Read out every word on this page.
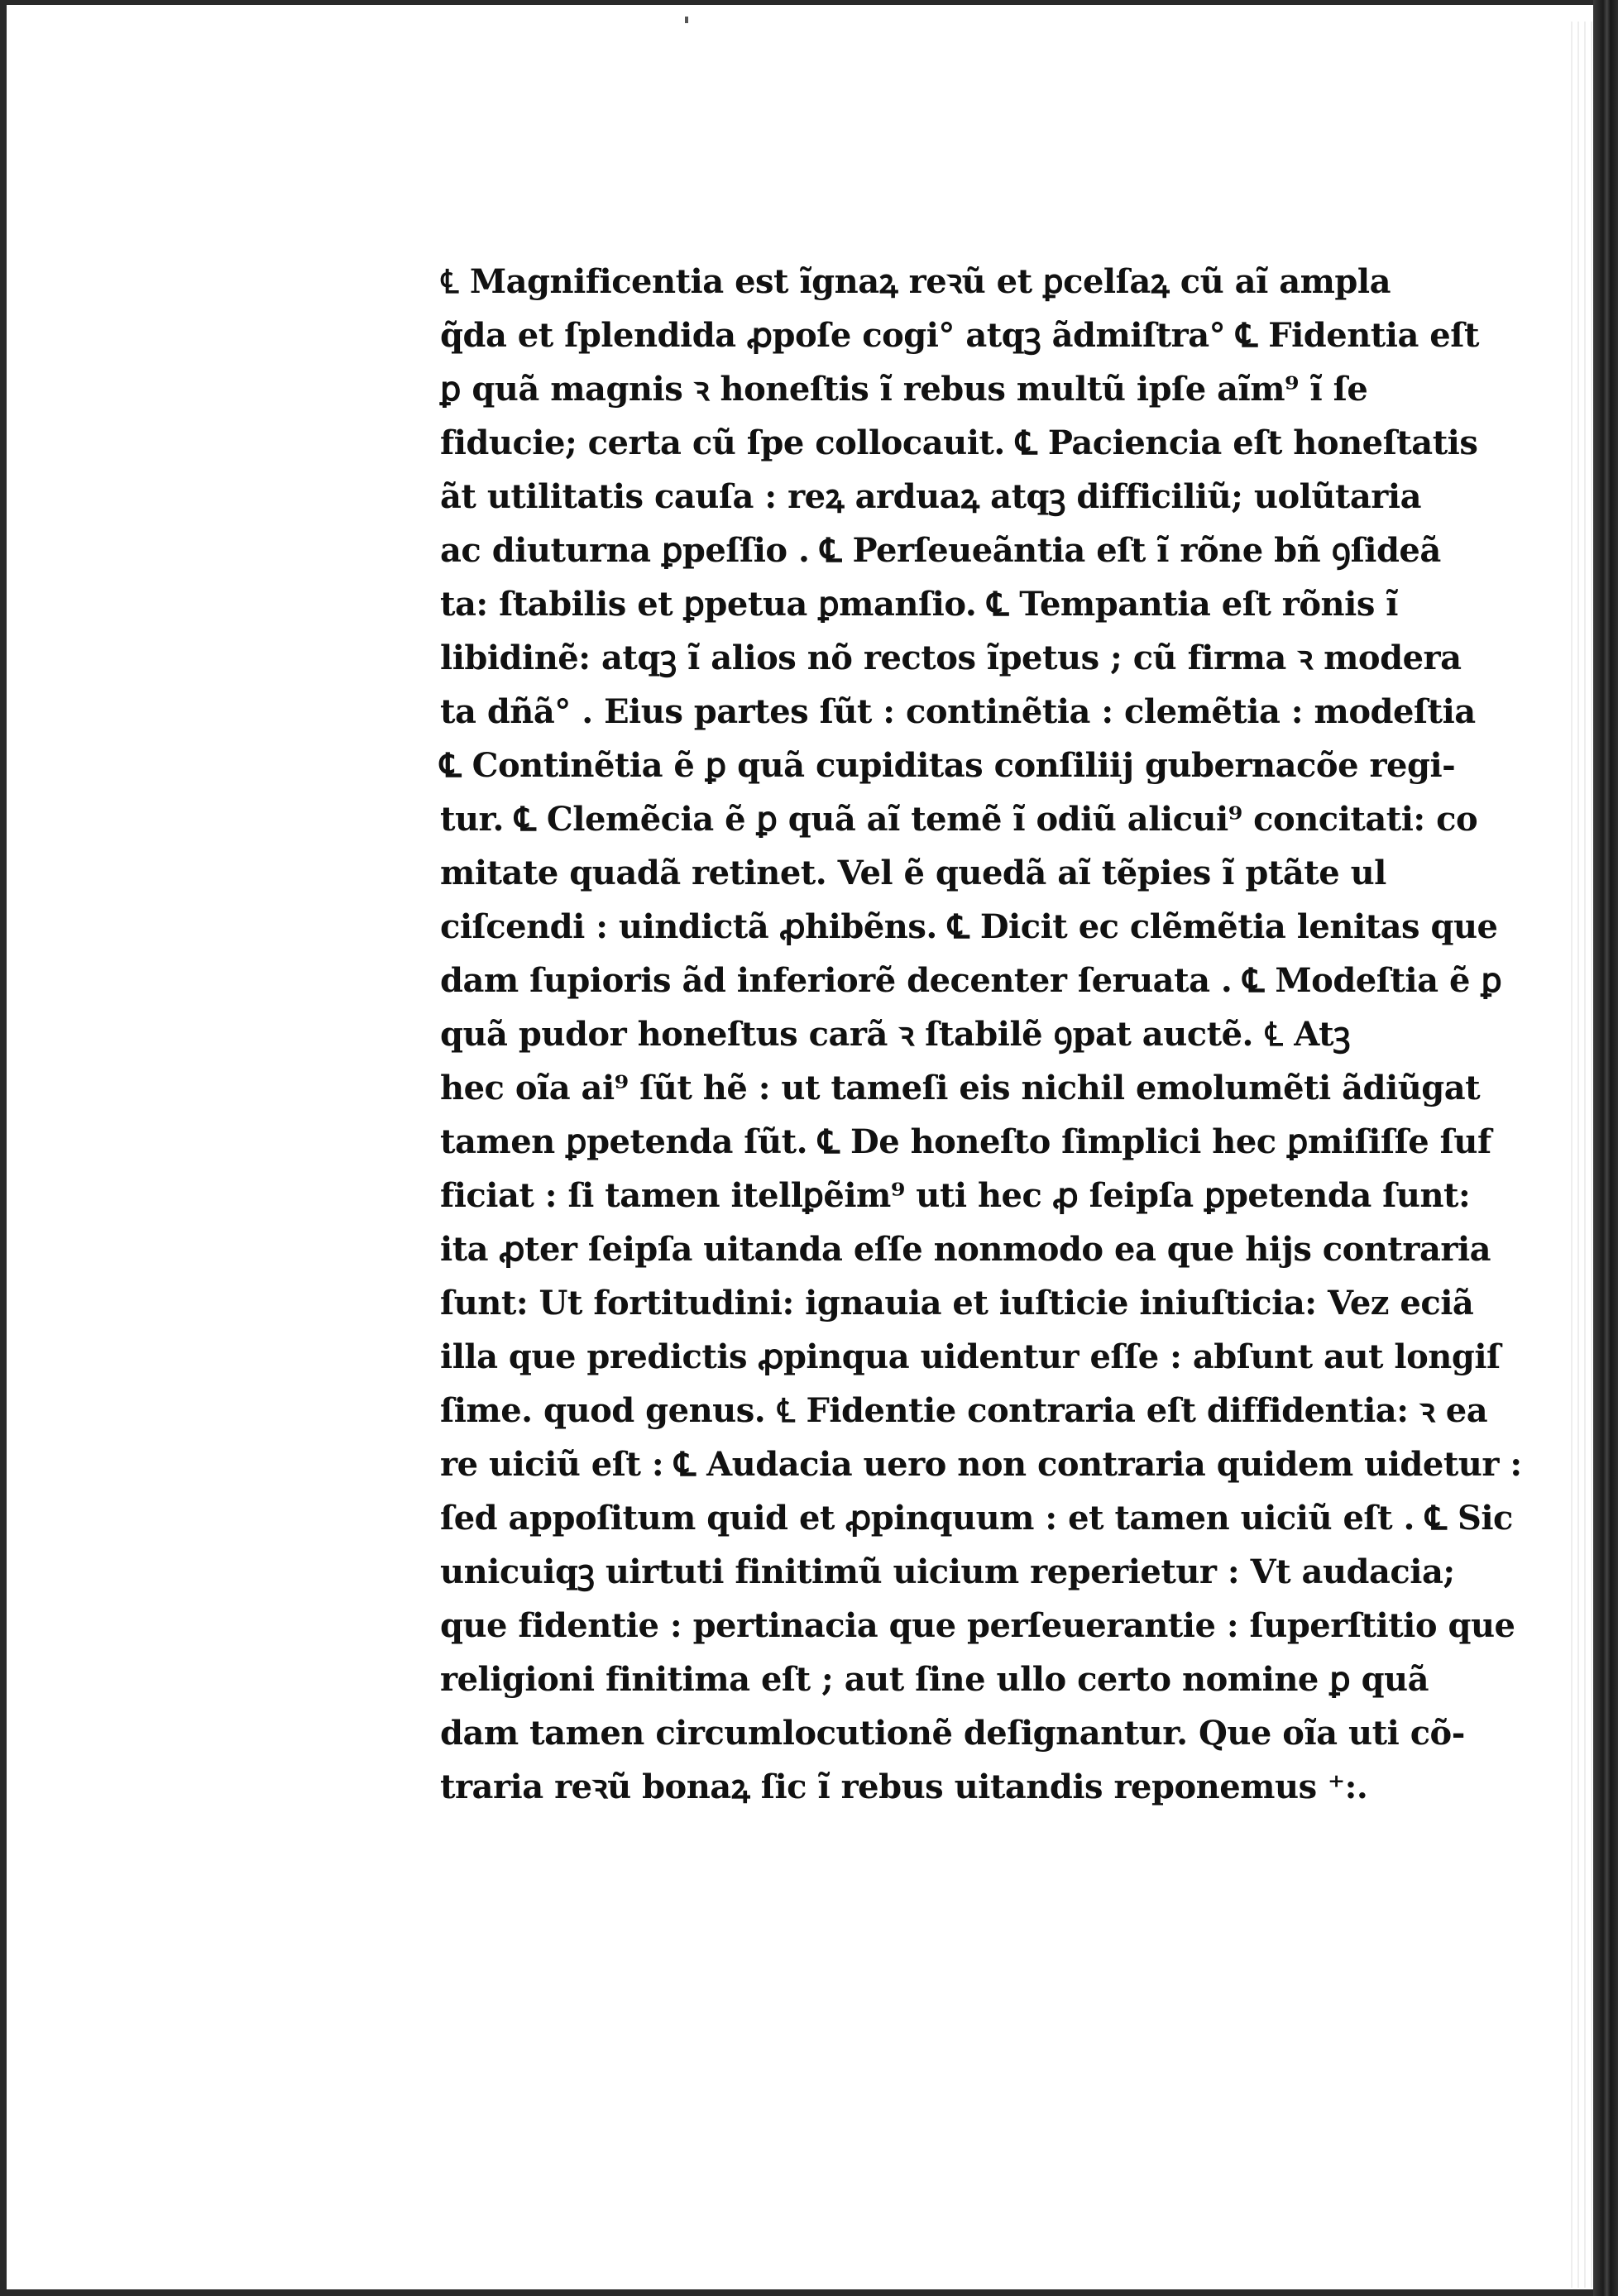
℄ Magnificentia est ĩgnaꝝ reꝛũ et ꝑcelſaꝝ cũ aĩ ampla
q̃da et ſplendida ꝓpoſe cogi° atqꝫ ãdmiſtra° ℄ Fidentia eſt
ꝑ quã magnis ꝛ honeſtis ĩ rebus multũ ipſe aĩm⁹ ĩ ſe
fiducie; certa cũ ſpe collocauit. ℄ Paciencia eſt honeſtatis
ãt utilitatis cauſa : reꝝ arduaꝝ atqꝫ difficiliũ; uolũtaria
ac diuturna ꝑpeſſio . ℄ Perſeueãntia eſt ĩ rõne bñ ꝯſideã
ta: ſtabilis et ꝑpetua ꝑmanſio. ℄ Tempantia eſt rõnis ĩ
libidinẽ: atqꝫ ĩ alios nõ rectos ĩpetus ; cũ firma ꝛ modera
ta dñã° . Eius partes ſũt : continẽtia : clemẽtia : modeſtia
℄ Continẽtia ẽ ꝑ quã cupiditas conſiliĳ gubernacõe regi-
tur. ℄ Clemẽcia ẽ ꝑ quã aĩ temẽ ĩ odiũ alicui⁹ concitati: co
mitate quadã retinet. Vel ẽ quedã aĩ tẽpies ĩ ptãte ul
ciſcendi : uindictã ꝓhibẽns. ℄ Dicit ec clẽmẽtia lenitas que
dam ſupioris ãd inferiorẽ decenter ſeruata . ℄ Modeſtia ẽ ꝑ
quã pudor honeſtus carã ꝛ ſtabilẽ ꝯpat auctẽ. ℄ Atꝫ
hec oĩa ai⁹ ſũt hẽ : ut tameſi eis nichil emolumẽti ãdiũgat
tamen ꝑpetenda ſũt. ℄ De honeſto ſimplici hec ꝑmiſiſſe ſuf
ficiat : ſi tamen itellꝑẽim⁹ uti hec ꝓ ſeipſa ꝑpetenda ſunt:
ita ꝓter ſeipſa uitanda eſſe nonmodo ea que hĳs contraria
ſunt: Ut fortitudini: ignauia et iuſticie iniuſticia: Vez eciã
illa que predictis ꝓpinqua uidentur eſſe : abſunt aut longiſ
ſime. quod genus. ℄ Fidentie contraria eſt diffidentia: ꝛ ea
re uiciũ eſt : ℄ Audacia uero non contraria quidem uidetur :
ſed appoſitum quid et ꝓpinquum : et tamen uiciũ eſt . ℄ Sic
unicuiqꝫ uirtuti finitimũ uicium reperietur : Vt audacia;
que fidentie : pertinacia que perſeuerantie : ſuperſtitio que
religioni finitima eſt ; aut ſine ullo certo nomine ꝑ quã
dam tamen circumlocutionẽ deſignantur. Que oĩa uti cõ-
traria reꝛũ bonaꝝ ſic ĩ rebus uitandis reponemus ⁺:.
